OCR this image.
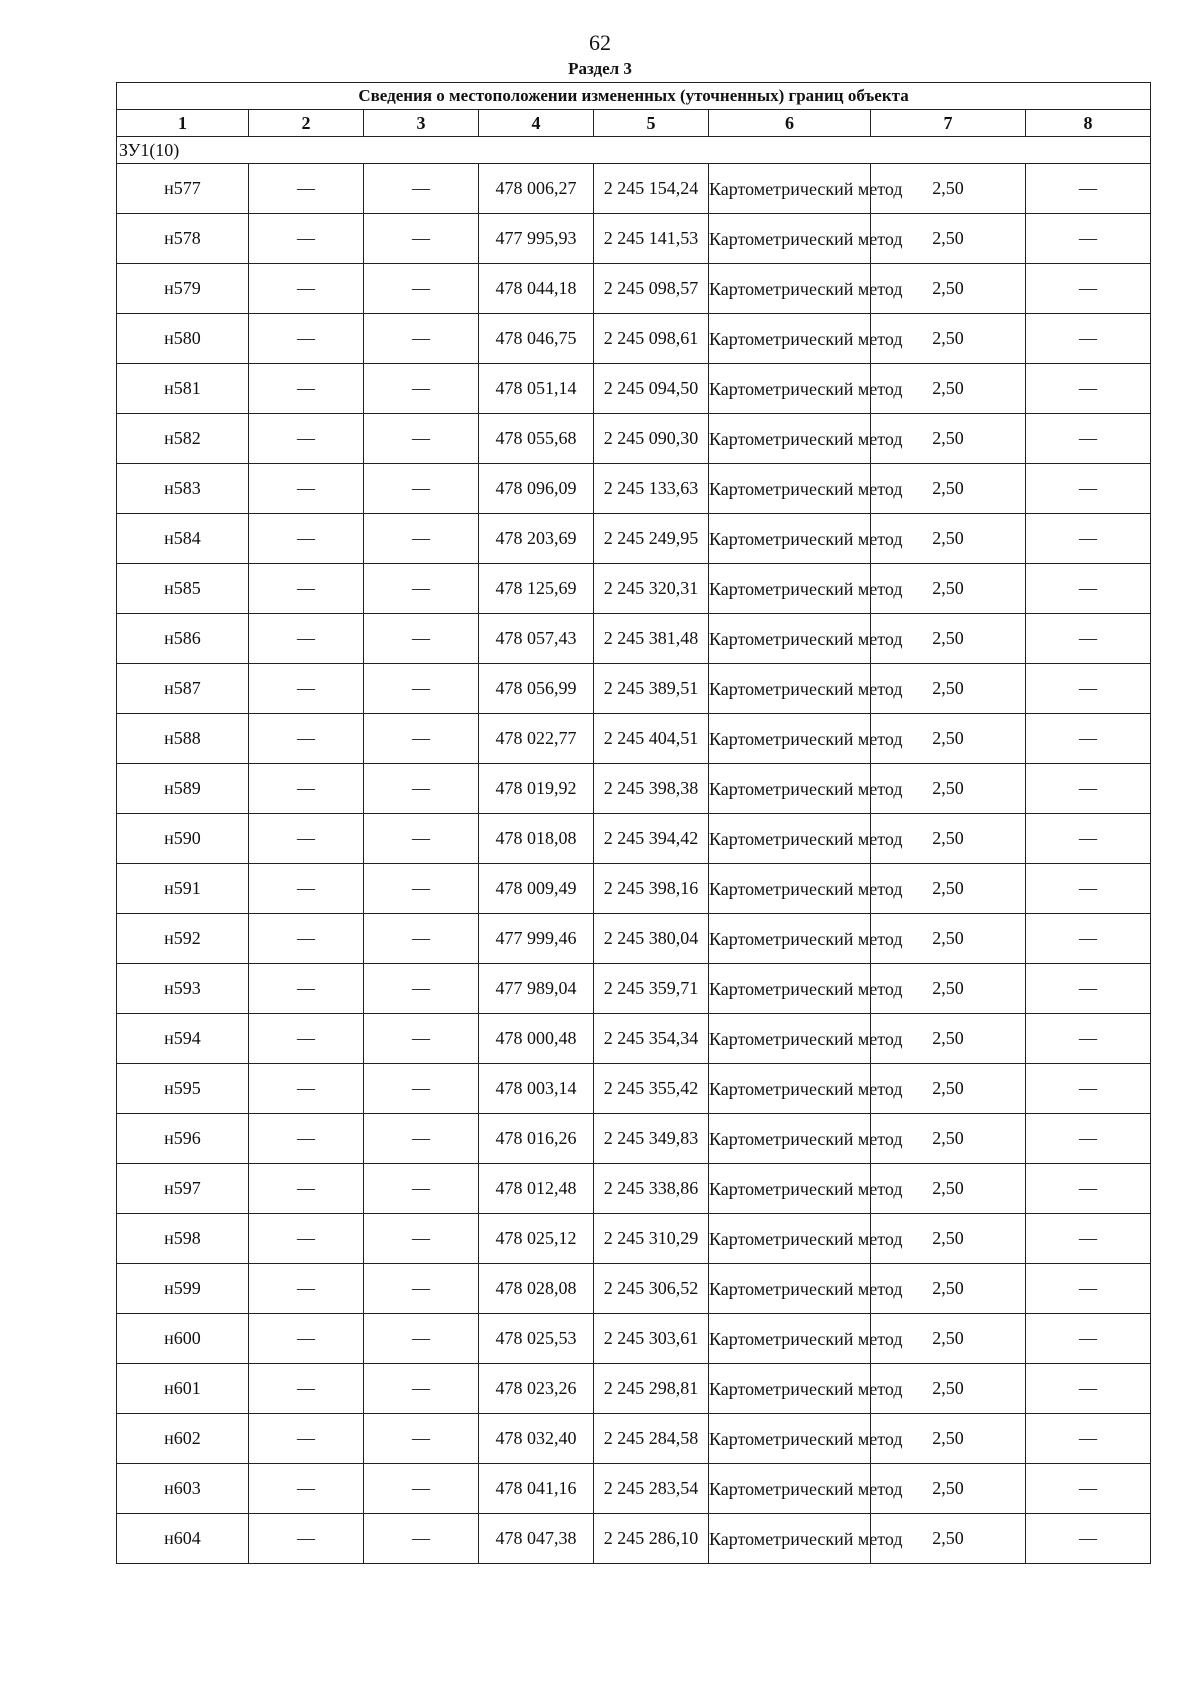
62
Раздел 3
Сведения о местоположении измененных (уточненных) границ объекта							
1	2	3	4	5	6	7	8
ЗУ1(10)							
н577	—	—	478 006,27	2 245 154,24	Картометрический метод	2,50	—
н578	—	—	477 995,93	2 245 141,53	Картометрический метод	2,50	—
н579	—	—	478 044,18	2 245 098,57	Картометрический метод	2,50	—
н580	—	—	478 046,75	2 245 098,61	Картометрический метод	2,50	—
н581	—	—	478 051,14	2 245 094,50	Картометрический метод	2,50	—
н582	—	—	478 055,68	2 245 090,30	Картометрический метод	2,50	—
н583	—	—	478 096,09	2 245 133,63	Картометрический метод	2,50	—
н584	—	—	478 203,69	2 245 249,95	Картометрический метод	2,50	—
н585	—	—	478 125,69	2 245 320,31	Картометрический метод	2,50	—
н586	—	—	478 057,43	2 245 381,48	Картометрический метод	2,50	—
н587	—	—	478 056,99	2 245 389,51	Картометрический метод	2,50	—
н588	—	—	478 022,77	2 245 404,51	Картометрический метод	2,50	—
н589	—	—	478 019,92	2 245 398,38	Картометрический метод	2,50	—
н590	—	—	478 018,08	2 245 394,42	Картометрический метод	2,50	—
н591	—	—	478 009,49	2 245 398,16	Картометрический метод	2,50	—
н592	—	—	477 999,46	2 245 380,04	Картометрический метод	2,50	—
н593	—	—	477 989,04	2 245 359,71	Картометрический метод	2,50	—
н594	—	—	478 000,48	2 245 354,34	Картометрический метод	2,50	—
н595	—	—	478 003,14	2 245 355,42	Картометрический метод	2,50	—
н596	—	—	478 016,26	2 245 349,83	Картометрический метод	2,50	—
н597	—	—	478 012,48	2 245 338,86	Картометрический метод	2,50	—
н598	—	—	478 025,12	2 245 310,29	Картометрический метод	2,50	—
н599	—	—	478 028,08	2 245 306,52	Картометрический метод	2,50	—
н600	—	—	478 025,53	2 245 303,61	Картометрический метод	2,50	—
н601	—	—	478 023,26	2 245 298,81	Картометрический метод	2,50	—
н602	—	—	478 032,40	2 245 284,58	Картометрический метод	2,50	—
н603	—	—	478 041,16	2 245 283,54	Картометрический метод	2,50	—
н604	—	—	478 047,38	2 245 286,10	Картометрический метод	2,50	—
